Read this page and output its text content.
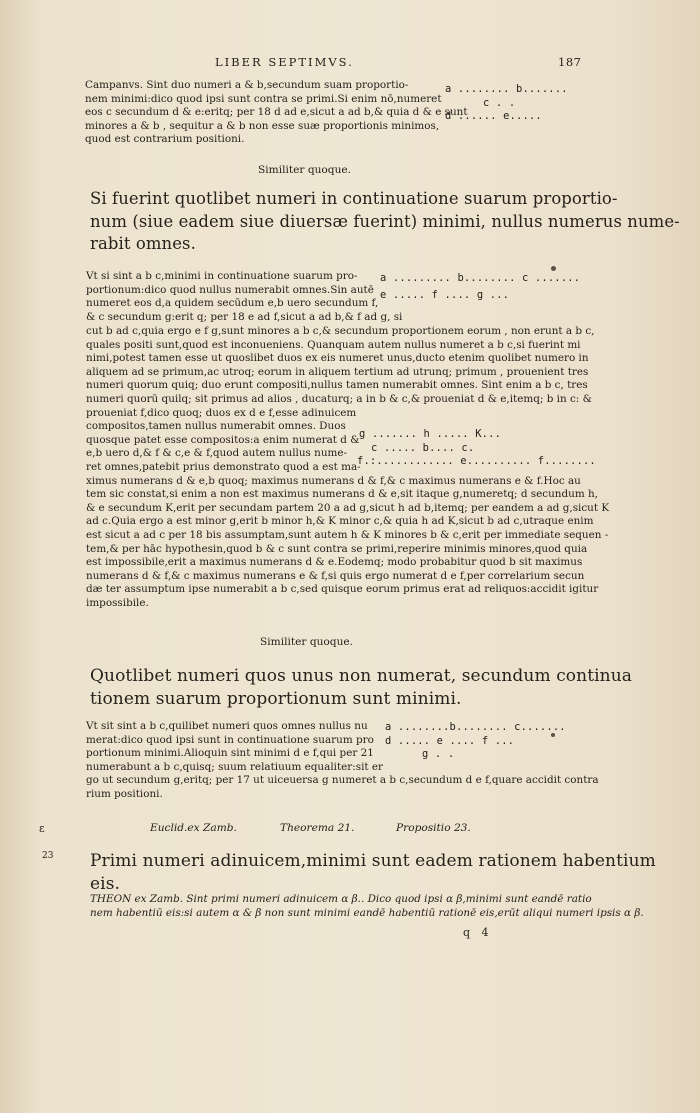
LIBER SEPTIMVS.	187
Campanvs. Sint duo numeri a & b,secundum suam proportio-
nem minimi:dico quod ipsi sunt contra se primi.Si enim nō,numeret
eos c secundum d & e:eritq; per 18 d ad e,sicut a ad b,& quia d & e sunt
minores a & b , sequitur a & b non esse suæ proportionis minimos,
quod est contrarium positioni.
a ........ b.......
c . .
d ...... e.....
Similiter quoque.
Si fuerint quotlibet numeri in continuatione suarum proportio-
num (siue eadem siue diuersæ fuerint) minimi, nullus numerus nume-
rabit omnes.
Vt si sint a b c,minimi in continuatione suarum pro-
portionum:dico quod nullus numerabit omnes.Sin autē
numeret eos d,a quidem secūdum e,b uero secundum f,
& c secundum g:erit q; per 18 e ad f,sicut a ad b,& f ad g, si
a ......... b........ c .......
e ..... f .... g ...
cut b ad c,quia ergo e f g,sunt minores a b c,& secundum proportionem eorum , non erunt a b c,
quales positi sunt,quod est inconueniens. Quanquam autem nullus numeret a b c,si fuerint mi
nimi,potest tamen esse ut quoslibet duos ex eis numeret unus,ducto etenim quolibet numero in
aliquem ad se primum,ac utroq; eorum in aliquem tertium ad utrunq; primum , prouenient tres
numeri quorum quiq; duo erunt compositi,nullus tamen numerabit omnes. Sint enim a b c, tres
numeri quorū quilq; sit primus ad alios , ducaturq; a in b & c,& proueniat d & e,itemq; b in c: &
proueniat f,dico quoq; duos ex d e f,esse adinuicem
compositos,tamen nullus numerabit omnes. Duos
quosque patet esse compositos:a enim numerat d &
e,b uero d,& f & c,e & f,quod autem nullus nume-
ret omnes,patebit prius demonstrato quod a est ma-
ximus numerans d & e,b quoq; maximus numerans d & f,& c maximus numerans e & f.Hoc au
tem sic constat,si enim a non est maximus numerans d & e,sit itaque g,numeretq; d secundum h,
& e secundum K,erit per secundam partem 20 a ad g,sicut h ad b,itemq; per eandem a ad g,sicut K
ad c.Quia ergo a est minor g,erit b minor h,& K minor c,& quia h ad K,sicut b ad c,utraque enim
est sicut a ad c per 18 bis assumptam,sunt autem h & K minores b & c,erit per immediate sequen -
tem,& per hāc hypothesin,quod b & c sunt contra se primi,reperire minimis minores,quod quia
est impossibile,erit a maximus numerans d & e.Eodemq; modo probabitur quod b sit maximus
numerans d & f,& c maximus numerans e & f,si quis ergo numerat d e f,per correlarium secun
dæ ter assumptum ipse numerabit a b c,sed quisque eorum primus erat ad reliquos:accidit igitur
impossibile.
g ....... h ..... K...
c ..... b.... c.
f.:............ e.......... f........
Similiter quoque.
Quotlibet numeri quos unus non numerat, secundum continua
tionem suarum proportionum sunt minimi.
Vt sit sint a b c,quilibet numeri quos omnes nullus nu
merat:dico quod ipsi sunt in continuatione suarum pro
portionum minimi.Alioquin sint minimi d e f,qui per 21
numerabunt a b c,quisq; suum relatiuum equaliter:sit er
go ut secundum g,eritq; per 17 ut uiceuersa g numeret a b c,secundum d e f,quare accidit contra
rium positioni.
a ........b........ c.......
d ..... e .... f ...
g . .
ɛ	Euclid.ex Zamb.	Theorema 21.	Propositio 23.
23 Primi numeri adinuicem,minimi sunt eadem rationem habentium
eis.
THEON ex Zamb. Sint primi numeri adinuicem α β.. Dico quod ipsi α β,minimi sunt eandē ratio
nem habentiū eis:si autem α & β non sunt minimi eandē habentiū rationē eis,erūt aliqui numeri ipsis α β.
q 4
